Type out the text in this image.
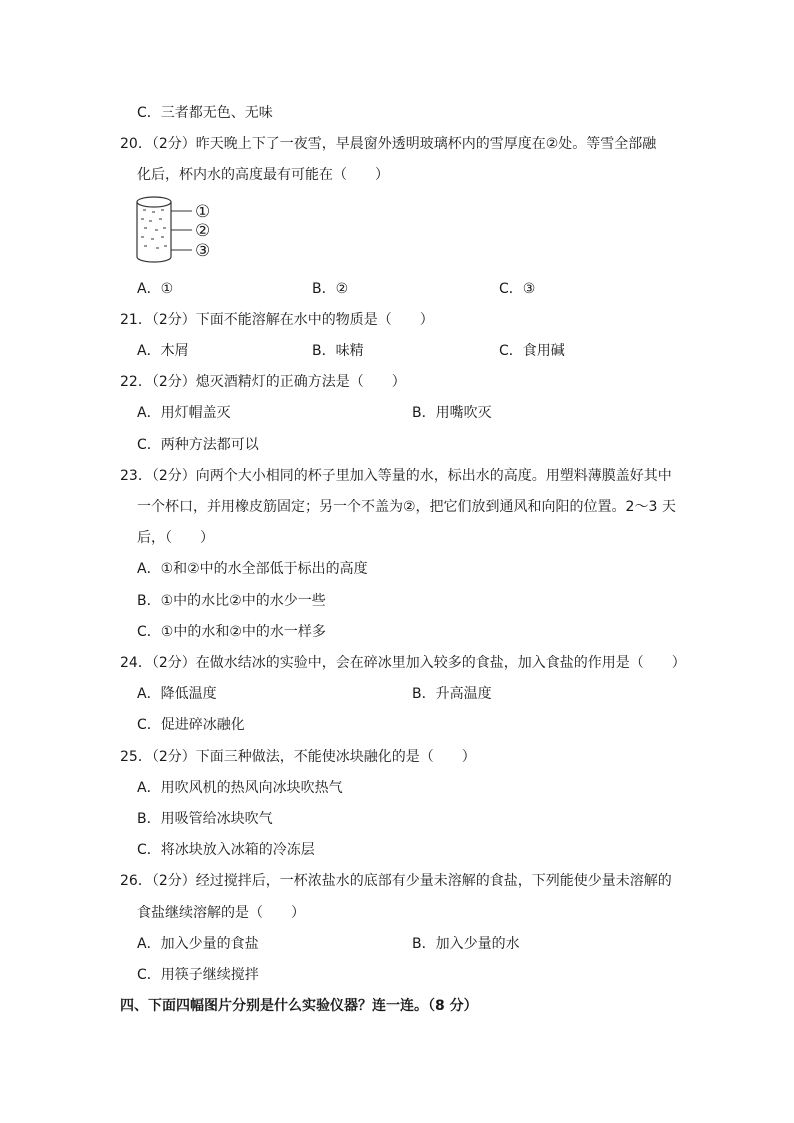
C．三者都无色、无味
20．（2分）昨天晚上下了一夜雪，早晨窗外透明玻璃杯内的雪厚度在②处。等雪全部融
化后，杯内水的高度最有可能在（　　）
①
②
③
A．①	B．②	C．③
21．（2分）下面不能溶解在水中的物质是（　　）
A．木屑	B．味精	C．食用碱
22．（2分）熄灭酒精灯的正确方法是（　　）
A．用灯帽盖灭	B．用嘴吹灭
C．两种方法都可以
23．（2分）向两个大小相同的杯子里加入等量的水，标出水的高度。用塑料薄膜盖好其中
一个杯口，并用橡皮筋固定；另一个不盖为②，把它们放到通风和向阳的位置。2～3 天
后，（　　）
A．①和②中的水全部低于标出的高度
B．①中的水比②中的水少一些
C．①中的水和②中的水一样多
24．（2分）在做水结冰的实验中，会在碎冰里加入较多的食盐，加入食盐的作用是（　　）
A．降低温度	B．升高温度
C．促进碎冰融化
25．（2分）下面三种做法，不能使冰块融化的是（　　）
A．用吹风机的热风向冰块吹热气
B．用吸管给冰块吹气
C．将冰块放入冰箱的冷冻层
26．（2分）经过搅拌后，一杯浓盐水的底部有少量未溶解的食盐，下列能使少量未溶解的
食盐继续溶解的是（　　）
A．加入少量的食盐	B．加入少量的水
C．用筷子继续搅拌
四、下面四幅图片分别是什么实验仪器？连一连。（8 分）
